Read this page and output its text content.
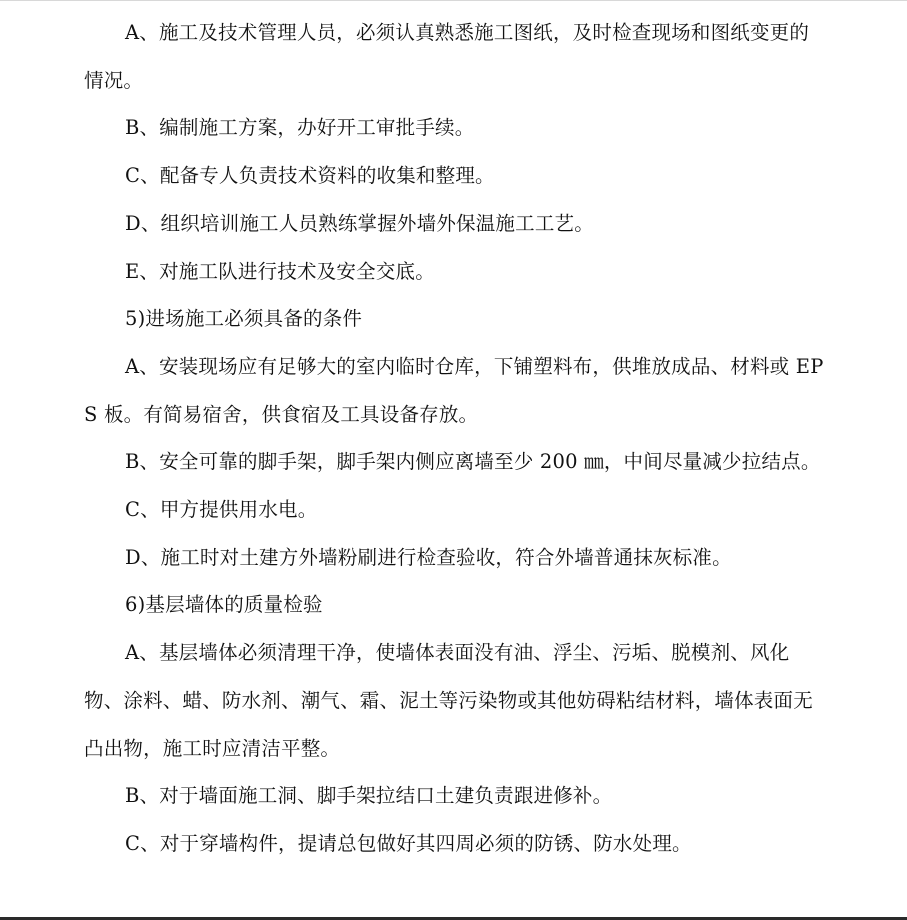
A、施工及技术管理人员，必须认真熟悉施工图纸，及时检查现场和图纸变更的情况。

B、编制施工方案，办好开工审批手续。

C、配备专人负责技术资料的收集和整理。

D、组织培训施工人员熟练掌握外墙外保温施工工艺。

E、对施工队进行技术及安全交底。

5)进场施工必须具备的条件

A、安装现场应有足够大的室内临时仓库，下铺塑料布，供堆放成品、材料或 EPS 板。有简易宿舍，供食宿及工具设备存放。

B、安全可靠的脚手架，脚手架内侧应离墙至少 200 ㎜，中间尽量减少拉结点。

C、甲方提供用水电。

D、施工时对土建方外墙粉刷进行检查验收，符合外墙普通抹灰标准。

6)基层墙体的质量检验

A、基层墙体必须清理干净，使墙体表面没有油、浮尘、污垢、脱模剂、风化物、涂料、蜡、防水剂、潮气、霜、泥土等污染物或其他妨碍粘结材料，墙体表面无凸出物，施工时应清洁平整。

B、对于墙面施工洞、脚手架拉结口土建负责跟进修补。

C、对于穿墙构件，提请总包做好其四周必须的防锈、防水处理。
